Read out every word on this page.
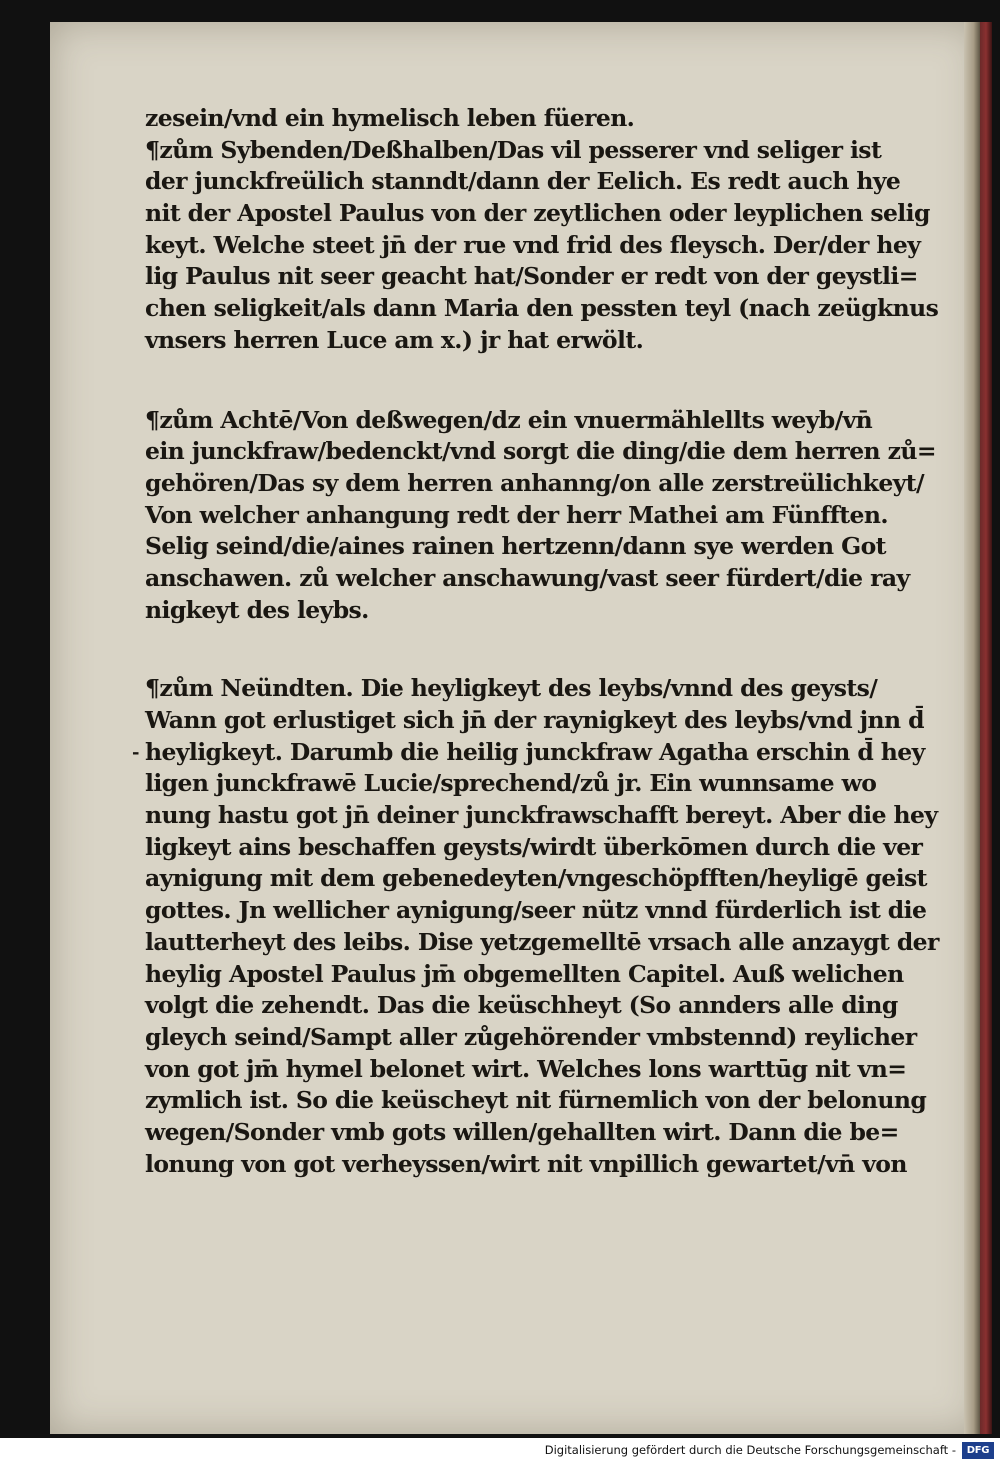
zesein/vnd ein hymelisch leben füeren.
¶zům Sybenden/Deßhalben/Das vil pesserer vnd seliger ist
der junckfreülich stanndt/dann der Eelich. Es redt auch hye
nit der Apostel Paulus von der zeytlichen oder leyplichen selig
keyt. Welche steet jn̄ der rue vnd frid des fleysch. Der/der hey
lig Paulus nit seer geacht hat/Sonder er redt von der geystli=
chen seligkeit/als dann Maria den pessten teyl (nach zeügknus
vnsers herren Luce am x.) jr hat erwölt.
¶zům Achtē/Von deßwegen/dz ein vnuermählellts weyb/vn̄
ein junckfraw/bedenckt/vnd sorgt die ding/die dem herren zů=
gehören/Das sy dem herren anhanng/on alle zerstreülichkeyt/
Von welcher anhangung redt der herr Mathei am Fünfften.
Selig seind/die/aines rainen hertzenn/dann sye werden Got
anschawen. zů welcher anschawung/vast seer fürdert/die ray
nigkeyt des leybs.
¶zům Neündten. Die heyligkeyt des leybs/vnnd des geysts/
Wann got erlustiget sich jn̄ der raynigkeyt des leybs/vnd jnn d̄
heyligkeyt. Darumb die heilig junckfraw Agatha erschin d̄ hey
ligen junckfrawē Lucie/sprechend/zů jr. Ein wunnsame wo
nung hastu got jn̄ deiner junckfrawschafft bereyt. Aber die hey
ligkeyt ains beschaffen geysts/wirdt überkōmen durch die ver
aynigung mit dem gebenedeyten/vngeschöpfften/heyligē geist
gottes. Jn wellicher aynigung/seer nütz vnnd fürderlich ist die
lautterheyt des leibs. Dise yetzgemelltē vrsach alle anzaygt der
heylig Apostel Paulus jm̄ obgemellten Capitel. Auß welichen
volgt die zehendt. Das die keüschheyt (So annders alle ding
gleych seind/Sampt aller zůgehörender vmbstennd) reylicher
von got jm̄ hymel belonet wirt. Welches lons warttūg nit vn=
zymlich ist. So die keüscheyt nit fürnemlich von der belonung
wegen/Sonder vmb gots willen/gehallten wirt. Dann die be=
lonung von got verheyssen/wirt nit vnpillich gewartet/vn̄ von
-
Digitalisierung gefördert durch die Deutsche Forschungsgemeinschaft -	DFG
